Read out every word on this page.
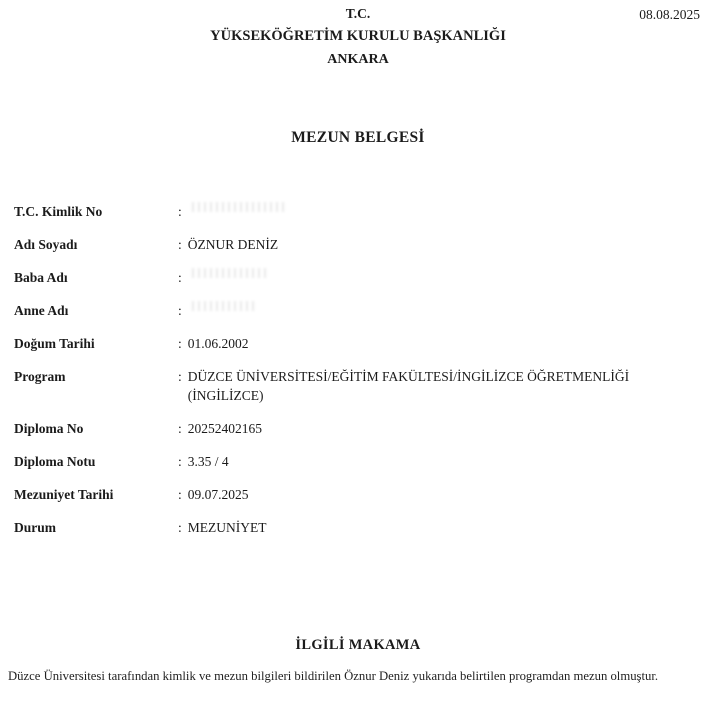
T.C.	08.08.2025
YÜKSEKÖĞRETİM KURULU BAŞKANLIĞI
ANKARA
MEZUN BELGESİ
T.C. Kimlik No	:
Adı Soyadı	: ÖZNUR DENİZ
Baba Adı	:
Anne Adı	:
Doğum Tarihi	: 01.06.2002
Program	: DÜZCE ÜNİVERSİTESİ/EĞİTİM FAKÜLTESİ/İNGİLİZCE ÖĞRETMENLİĞİ (İNGİLİZCE)
Diploma No	: 20252402165
Diploma Notu	: 3.35 / 4
Mezuniyet Tarihi	: 09.07.2025
Durum	: MEZUNİYET
İLGİLİ MAKAMA

Düzce Üniversitesi tarafından kimlik ve mezun bilgileri bildirilen Öznur Deniz yukarıda belirtilen programdan mezun olmuştur.
